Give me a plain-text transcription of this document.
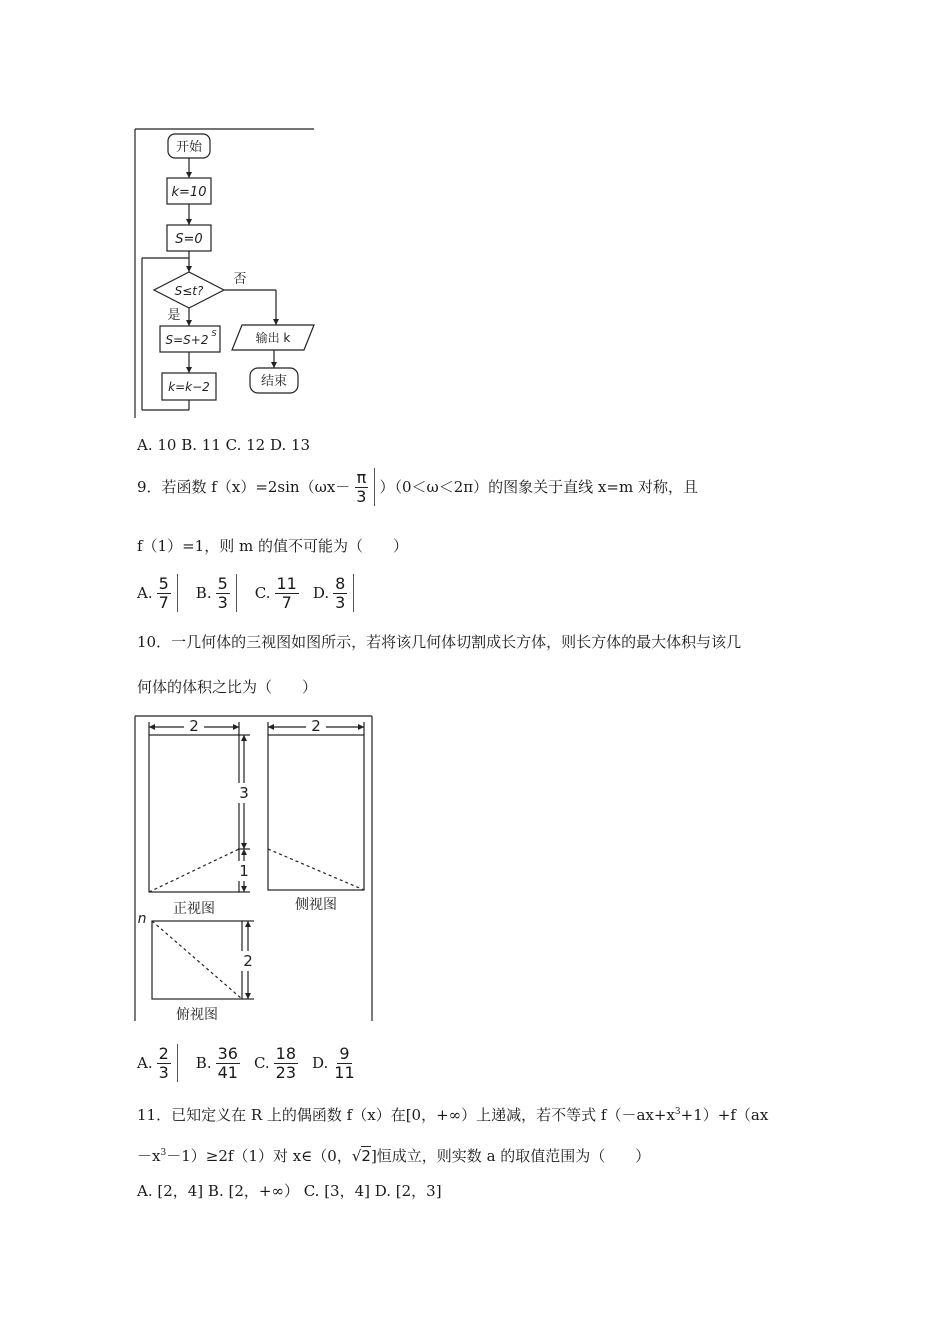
开始
k=10
S=0
S≤t?
否
是
S=S+2 S
k=k−2
输出 k
结束
A. 10 B. 11 C. 12 D. 13
9．若函数 $f(x)=2\sin(\omega x- \frac{\pi}{3} )(0<\omega<2\pi)$的图象关于直线 x=m 对称，且
f（1）=1，则 m 的值不可能为（　　）
A. $\frac{5}{7} B$. $\frac{5}{3} C$. $\frac{11}{7} D$. $\frac{8}{3}$
10．一几何体的三视图如图所示，若将该几何体切割成长方体，则长方体的最大体积与该几
何体的体积之比为（　　）
2	2
3
1
2
正视图	侧视图
俯视图
n
A. $\frac{2}{3} B$. $\frac{36}{41} C$. $\frac{18}{23} D$. $\frac{9}{11}$
11．已知定义在 R 上的偶函数 f（x）在[0，+∞）上递减，若不等式 $f(-ax+x^3+1)+f(ax$
$-x^3-1)\ge 2f(1)$对 x∈（0，√2]恒成立，则实数 a 的取值范围为（　　）
A. [2，4] B. [2，+∞） C. [3，4] D. [2，3]
